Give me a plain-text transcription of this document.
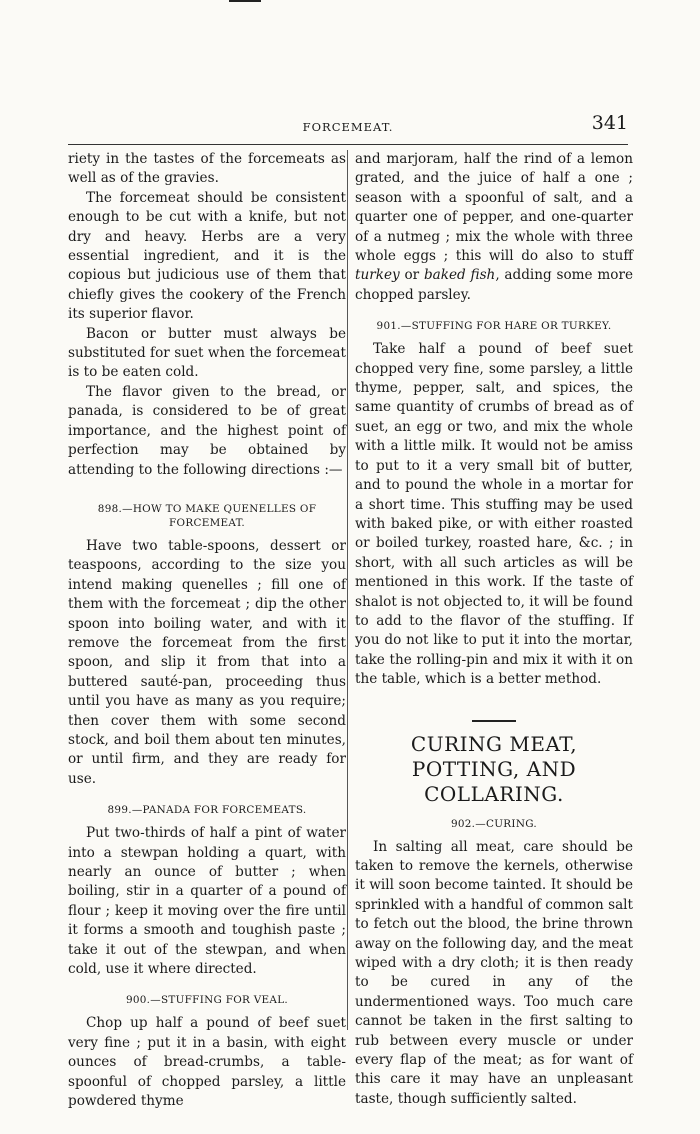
FORCEMEAT.	341

riety in the tastes of the forcemeats as well as of the gravies.

The forcemeat should be consistent enough to be cut with a knife, but not dry and heavy. Herbs are a very essential ingredient, and it is the copious but judicious use of them that chiefly gives the cookery of the French its superior flavor.

Bacon or butter must always be substituted for suet when the forcemeat is to be eaten cold.

The flavor given to the bread, or panada, is considered to be of great importance, and the highest point of perfection may be obtained by attending to the following directions :—

898.—HOW TO MAKE QUENELLES OF FORCEMEAT.

Have two table-spoons, dessert or teaspoons, according to the size you intend making quenelles ; fill one of them with the forcemeat ; dip the other spoon into boiling water, and with it remove the forcemeat from the first spoon, and slip it from that into a buttered sauté-pan, proceeding thus until you have as many as you require; then cover them with some second stock, and boil them about ten minutes, or until firm, and they are ready for use.

899.—PANADA FOR FORCEMEATS.

Put two-thirds of half a pint of water into a stewpan holding a quart, with nearly an ounce of butter ; when boiling, stir in a quarter of a pound of flour ; keep it moving over the fire until it forms a smooth and toughish paste ; take it out of the stewpan, and when cold, use it where directed.

900.—STUFFING FOR VEAL.

Chop up half a pound of beef suet very fine ; put it in a basin, with eight ounces of bread-crumbs, a table-spoonful of chopped parsley, a little powdered thyme

and marjoram, half the rind of a lemon grated, and the juice of half a one ; season with a spoonful of salt, and a quarter one of pepper, and one-quarter of a nutmeg ; mix the whole with three whole eggs ; this will do also to stuff turkey or baked fish, adding some more chopped parsley.

901.—STUFFING FOR HARE OR TURKEY.

Take half a pound of beef suet chopped very fine, some parsley, a little thyme, pepper, salt, and spices, the same quantity of crumbs of bread as of suet, an egg or two, and mix the whole with a little milk. It would not be amiss to put to it a very small bit of butter, and to pound the whole in a mortar for a short time. This stuffing may be used with baked pike, or with either roasted or boiled turkey, roasted hare, &c. ; in short, with all such articles as will be mentioned in this work. If the taste of shalot is not objected to, it will be found to add to the flavor of the stuffing. If you do not like to put it into the mortar, take the rolling-pin and mix it with it on the table, which is a better method.

CURING MEAT, POTTING, AND COLLARING.
902.—CURING.

In salting all meat, care should be taken to remove the kernels, otherwise it will soon become tainted. It should be sprinkled with a handful of common salt to fetch out the blood, the brine thrown away on the following day, and the meat wiped with a dry cloth; it is then ready to be cured in any of the undermentioned ways. Too much care cannot be taken in the first salting to rub between every muscle or under every flap of the meat; as for want of this care it may have an unpleasant taste, though sufficiently salted.
